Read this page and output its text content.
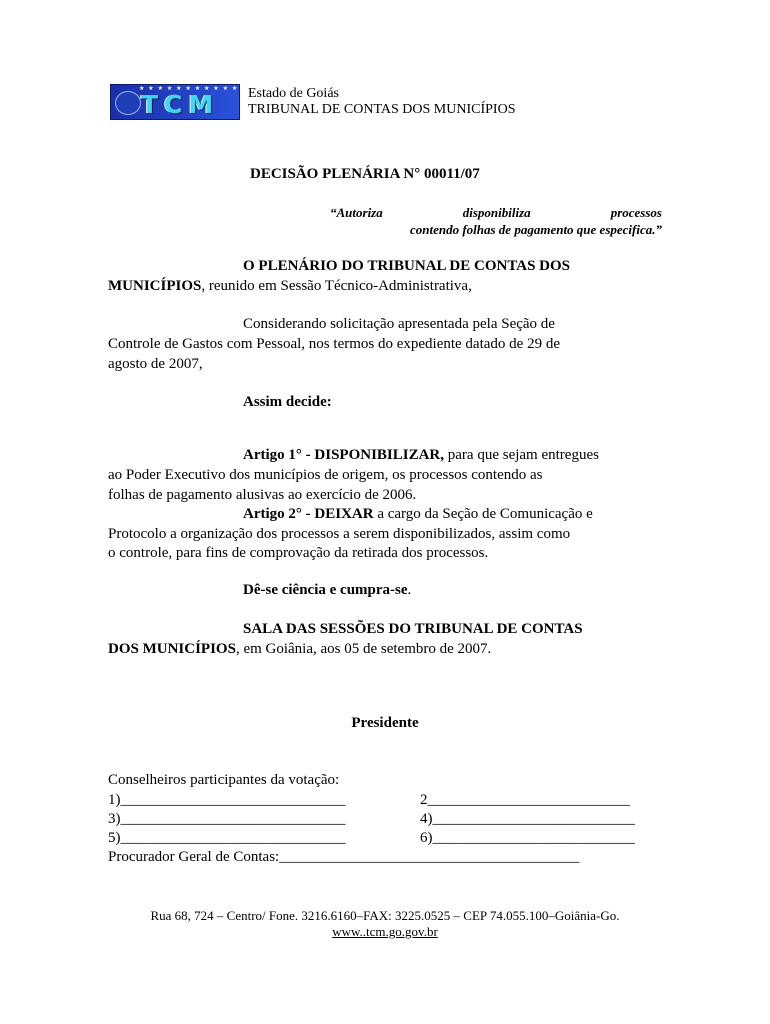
★ ★ ★ ★ ★ ★ ★ ★ ★ ★ ★
TCM	Estado de Goiás
TRIBUNAL DE CONTAS DOS MUNICÍPIOS
DECISÃO PLENÁRIA N° 00011/07
“Autoriza	disponibiliza	processos
contendo folhas de pagamento que especifica.”
O PLENÁRIO DO TRIBUNAL DE CONTAS DOS
MUNICÍPIOS, reunido em Sessão Técnico-Administrativa,
Considerando solicitação apresentada pela Seção de
Controle de Gastos com Pessoal, nos termos do expediente datado de 29 de
agosto de 2007,
Assim decide:
Artigo 1° - DISPONIBILIZAR, para que sejam entregues
ao Poder Executivo dos municípios de origem, os processos contendo as
folhas de pagamento alusivas ao exercício de 2006.
Artigo 2° - DEIXAR a cargo da Seção de Comunicação e
Protocolo a organização dos processos a serem disponibilizados, assim como
o controle, para fins de comprovação da retirada dos processos.
Dê-se ciência e cumpra-se.
SALA DAS SESSÕES DO TRIBUNAL DE CONTAS
DOS MUNICÍPIOS, em Goiânia, aos 05 de setembro de 2007.
Presidente
Conselheiros participantes da votação:
1)______________________________	2___________________________
3)______________________________	4)___________________________
5)______________________________	6)___________________________
Procurador Geral de Contas:________________________________________
Rua 68, 724 – Centro/ Fone. 3216.6160–FAX: 3225.0525 – CEP 74.055.100–Goiânia-Go.
www..tcm.go.gov.br
